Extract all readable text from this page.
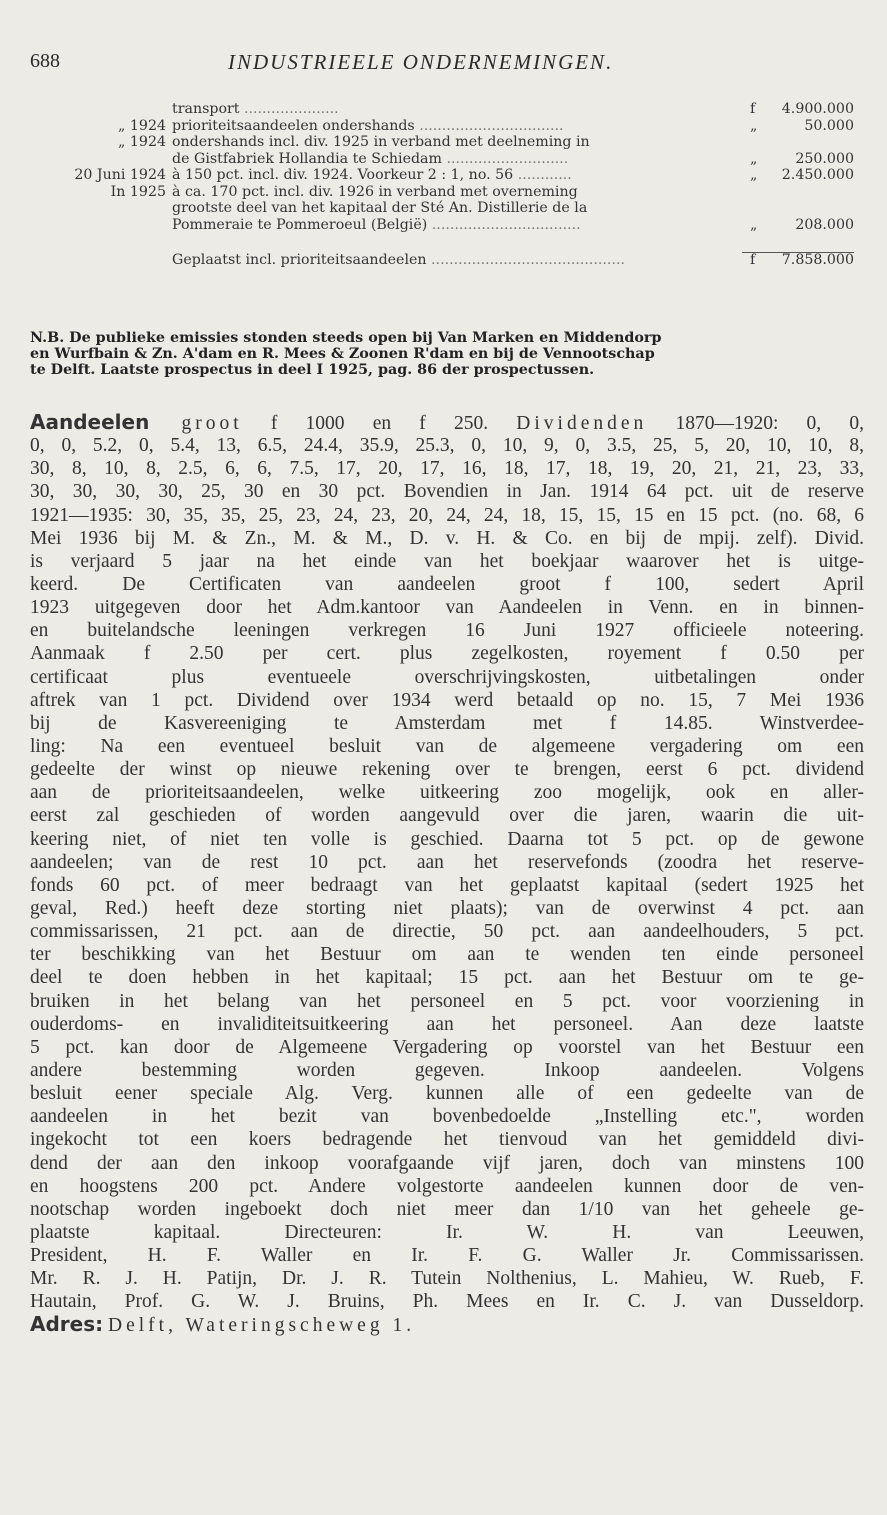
688	INDUSTRIEELE ONDERNEMINGEN.
transport .....................	f 4.900.000
„ 1924 prioriteitsaandeelen ondershands ................................	„	50.000
„ 1924 ondershands incl. div. 1925 in verband met deelneming in
de Gistfabriek Hollandia te Schiedam ...........................	„	250.000
20 Juni 1924 à 150 pct. incl. div. 1924. Voorkeur 2 : 1, no. 56 ............	„ 2.450.000
In 1925 à ca. 170 pct. incl. div. 1926 in verband met overneming
grootste deel van het kapitaal der Sté An. Distillerie de la
Pommeraie te Pommeroeul (België) .................................	„	208.000
Geplaatst incl. prioriteitsaandeelen ...........................................	f 7.858.000

N.B. De publieke emissies stonden steeds open bij Van Marken en Middendorp

en Wurfbain & Zn. A'dam en R. Mees & Zoonen R'dam en bij de Vennootschap

te Delft. Laatste prospectus in deel I 1925, pag. 86 der prospectussen.

Aandeelen groot f 1000 en f 250. Dividenden 1870—1920: 0, 0,
0, 0, 5.2, 0, 5.4, 13, 6.5, 24.4, 35.9, 25.3, 0, 10, 9, 0, 3.5, 25, 5, 20, 10, 10, 8,
30, 8, 10, 8, 2.5, 6, 6, 7.5, 17, 20, 17, 16, 18, 17, 18, 19, 20, 21, 21, 23, 33,
30, 30, 30, 30, 25, 30 en 30 pct. Bovendien in Jan. 1914 64 pct. uit de reserve
1921—1935: 30, 35, 35, 25, 23, 24, 23, 20, 24, 24, 18, 15, 15, 15 en 15 pct. (no. 68, 6
Mei 1936 bij M. & Zn., M. & M., D. v. H. & Co. en bij de mpij. zelf). Divid.
is verjaard 5 jaar na het einde van het boekjaar waarover het is uitge-
keerd. De Certificaten van aandeelen groot f 100, sedert April
1923 uitgegeven door het Adm.kantoor van Aandeelen in Venn. en in binnen-
en buitelandsche leeningen verkregen 16 Juni 1927 officieele noteering.
Aanmaak f 2.50 per cert. plus zegelkosten, royement f 0.50 per
certificaat plus eventueele overschrijvingskosten, uitbetalingen onder
aftrek van 1 pct. Dividend over 1934 werd betaald op no. 15, 7 Mei 1936
bij de Kasvereeniging te Amsterdam met f 14.85. Winstverdee-
ling: Na een eventueel besluit van de algemeene vergadering om een
gedeelte der winst op nieuwe rekening over te brengen, eerst 6 pct. dividend
aan de prioriteitsaandeelen, welke uitkeering zoo mogelijk, ook en aller-
eerst zal geschieden of worden aangevuld over die jaren, waarin die uit-
keering niet, of niet ten volle is geschied. Daarna tot 5 pct. op de gewone
aandeelen; van de rest 10 pct. aan het reservefonds (zoodra het reserve-
fonds 60 pct. of meer bedraagt van het geplaatst kapitaal (sedert 1925 het
geval, Red.) heeft deze storting niet plaats); van de overwinst 4 pct. aan
commissarissen, 21 pct. aan de directie, 50 pct. aan aandeelhouders, 5 pct.
ter beschikking van het Bestuur om aan te wenden ten einde personeel
deel te doen hebben in het kapitaal; 15 pct. aan het Bestuur om te ge-
bruiken in het belang van het personeel en 5 pct. voor voorziening in
ouderdoms- en invaliditeitsuitkeering aan het personeel. Aan deze laatste
5 pct. kan door de Algemeene Vergadering op voorstel van het Bestuur een
andere bestemming worden gegeven. Inkoop aandeelen. Volgens
besluit eener speciale Alg. Verg. kunnen alle of een gedeelte van de
aandeelen in het bezit van bovenbedoelde „Instelling etc.", worden
ingekocht tot een koers bedragende het tienvoud van het gemiddeld divi-
dend der aan den inkoop voorafgaande vijf jaren, doch van minstens 100
en hoogstens 200 pct. Andere volgestorte aandeelen kunnen door de ven-
nootschap worden ingeboekt doch niet meer dan 1/10 van het geheele ge-
plaatste kapitaal. Directeuren: Ir. W. H. van Leeuwen,
President, H. F. Waller en Ir. F. G. Waller Jr. Commissarissen.
Mr. R. J. H. Patijn, Dr. J. R. Tutein Nolthenius, L. Mahieu, W. Rueb, F.
Hautain, Prof. G. W. J. Bruins, Ph. Mees en Ir. C. J. van Dusseldorp.
Adres: Delft, Wateringscheweg 1.
